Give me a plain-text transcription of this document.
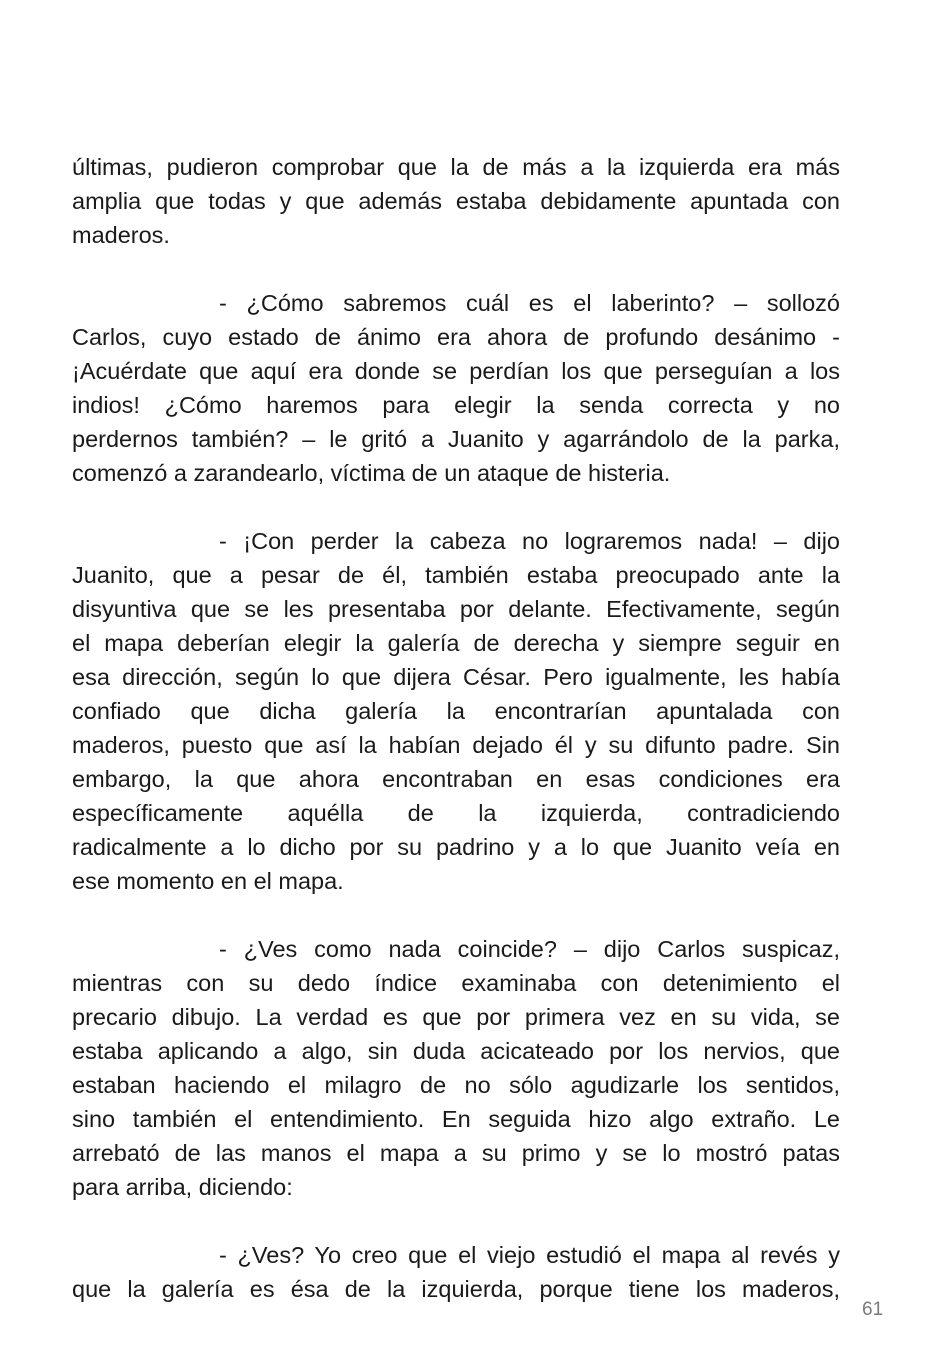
últimas, pudieron comprobar que la de más a la izquierda era más
amplia que todas y que además estaba debidamente apuntada con
maderos.
- ¿Cómo sabremos cuál es el laberinto? – sollozó
Carlos, cuyo estado de ánimo era ahora de profundo desánimo -
¡Acuérdate que aquí era donde se perdían los que perseguían a los
indios! ¿Cómo haremos para elegir la senda correcta y no
perdernos también? – le gritó a Juanito y agarrándolo de la parka,
comenzó a zarandearlo, víctima de un ataque de histeria.
- ¡Con perder la cabeza no lograremos nada! – dijo
Juanito, que a pesar de él, también estaba preocupado ante la
disyuntiva que se les presentaba por delante. Efectivamente, según
el mapa deberían elegir la galería de derecha y siempre seguir en
esa dirección, según lo que dijera César. Pero igualmente, les había
confiado que dicha galería la encontrarían apuntalada con
maderos, puesto que así la habían dejado él y su difunto padre. Sin
embargo, la que ahora encontraban en esas condiciones era
específicamente aquélla de la izquierda, contradiciendo
radicalmente a lo dicho por su padrino y a lo que Juanito veía en
ese momento en el mapa.
- ¿Ves como nada coincide? – dijo Carlos suspicaz,
mientras con su dedo índice examinaba con detenimiento el
precario dibujo. La verdad es que por primera vez en su vida, se
estaba aplicando a algo, sin duda acicateado por los nervios, que
estaban haciendo el milagro de no sólo agudizarle los sentidos,
sino también el entendimiento. En seguida hizo algo extraño. Le
arrebató de las manos el mapa a su primo y se lo mostró patas
para arriba, diciendo:
- ¿Ves? Yo creo que el viejo estudió el mapa al revés y
que la galería es ésa de la izquierda, porque tiene los maderos,
61
